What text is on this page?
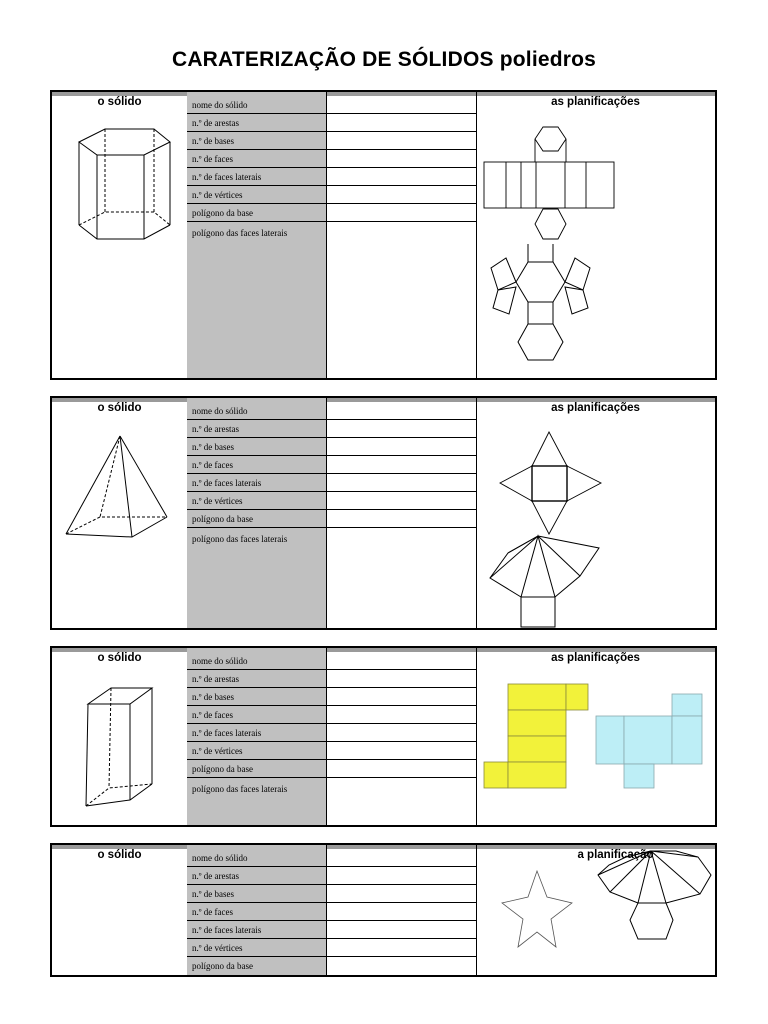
CARATERIZAÇÃO DE SÓLIDOS poliedros
o sólido	nome do sólido
n.º de arestas
n.º de bases
n.º de faces
n.º de faces laterais
n.º de vértices
polígono da base
polígono das faces laterais
as planificações
o sólido	nome do sólido
n.º de arestas
n.º de bases
n.º de faces
n.º de faces laterais
n.º de vértices
polígono da base
polígono das faces laterais
as planificações
o sólido	nome do sólido
n.º de arestas
n.º de bases
n.º de faces
n.º de faces laterais
n.º de vértices
polígono da base
polígono das faces laterais
as planificações
o sólido	nome do sólido
n.º de arestas
n.º de bases
n.º de faces
n.º de faces laterais
n.º de vértices
polígono da base
a planificação
